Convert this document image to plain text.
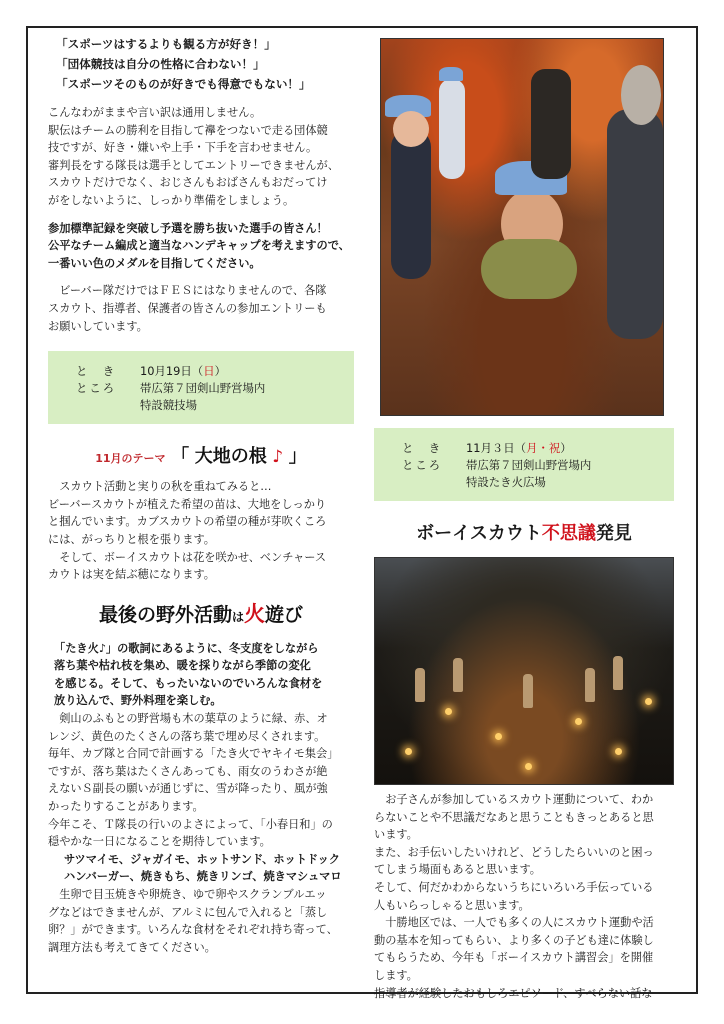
「スポーツはするよりも観る方が好き！」
「団体競技は自分の性格に合わない！」
「スポーツそのものが好きでも得意でもない！」

こんなわがままや言い訳は通用しません。

駅伝はチームの勝利を目指して襷をつないで走る団体競

技ですが、好き・嫌いや上手・下手を言わせません。

審判長をする隊長は選手としてエントリーできませんが、

スカウトだけでなく、おじさんもおばさんもおだってけ

がをしないように、しっかり準備をしましょう。

参加標準記録を突破し予選を勝ち抜いた選手の皆さん！

公平なチーム編成と適当なハンデキャップを考えますので、

一番いい色のメダルを目指してください。

ビーバー隊だけではＦＥＳにはなりませんので、各隊

スカウト、指導者、保護者の皆さんの参加エントリーも

お願いしています。

と　き	10月19日（日）
ところ	帯広第７団剣山野営場内
特設競技場
11月のテーマ 「 大地の根 ♪ 」

スカウト活動と実りの秋を重ねてみると…

ビーバースカウトが植えた希望の苗は、大地をしっかり

と掴んでいます。カブスカウトの希望の種が芽吹くころ

には、がっちりと根を張ります。

そして、ボーイスカウトは花を咲かせ、ベンチャース

カウトは実を結ぶ穂になります。

最後の野外活動は火遊び

「たき火♪」の歌詞にあるように、冬支度をしながら

落ち葉や枯れ枝を集め、暖を採りながら季節の変化

を感じる。そして、もったいないのでいろんな食材を

放り込んで、野外料理を楽しむ。

剣山のふもとの野営場も木の葉草のように緑、赤、オ

レンジ、黄色のたくさんの落ち葉で埋め尽くされます。

毎年、カブ隊と合同で計画する「たき火でヤキイモ集会」

ですが、落ち葉はたくさんあっても、雨女のうわさが絶

えないＳ副長の願いが通じずに、雪が降ったり、風が強

かったりすることがあります。

今年こそ、Ｔ隊長の行いのよさによって、「小春日和」の

穏やかな一日になることを期待しています。

サツマイモ、ジャガイモ、ホットサンド、ホットドック

ハンバーガー、焼きもち、焼きリンゴ、焼きマシュマロ

生卵で目玉焼きや卵焼き、ゆで卵やスクランブルエッ

グなどはできませんが、アルミに包んで入れると「蒸し

卵？」ができます。いろんな食材をそれぞれ持ち寄って、

調理方法も考えてきてください。

と　き	11月３日（月・祝）
ところ	帯広第７団剣山野営場内
特設たき火広場
ボーイスカウト不思議発見

お子さんが参加しているスカウト運動について、わか

らないことや不思議だなあと思うこともきっとあると思

います。

また、お手伝いしたいけれど、どうしたらいいのと困っ

てしまう場面もあると思います。

そして、何だかわからないうちにいろいろ手伝っている

人もいらっしゃると思います。

十勝地区では、一人でも多くの人にスカウト運動や活

動の基本を知ってもらい、より多くの子ども達に体験し

てもらうため、今年も「ボーイスカウト講習会」を開催

します。

指導者が経験したおもしろエピソード、すべらない話な
